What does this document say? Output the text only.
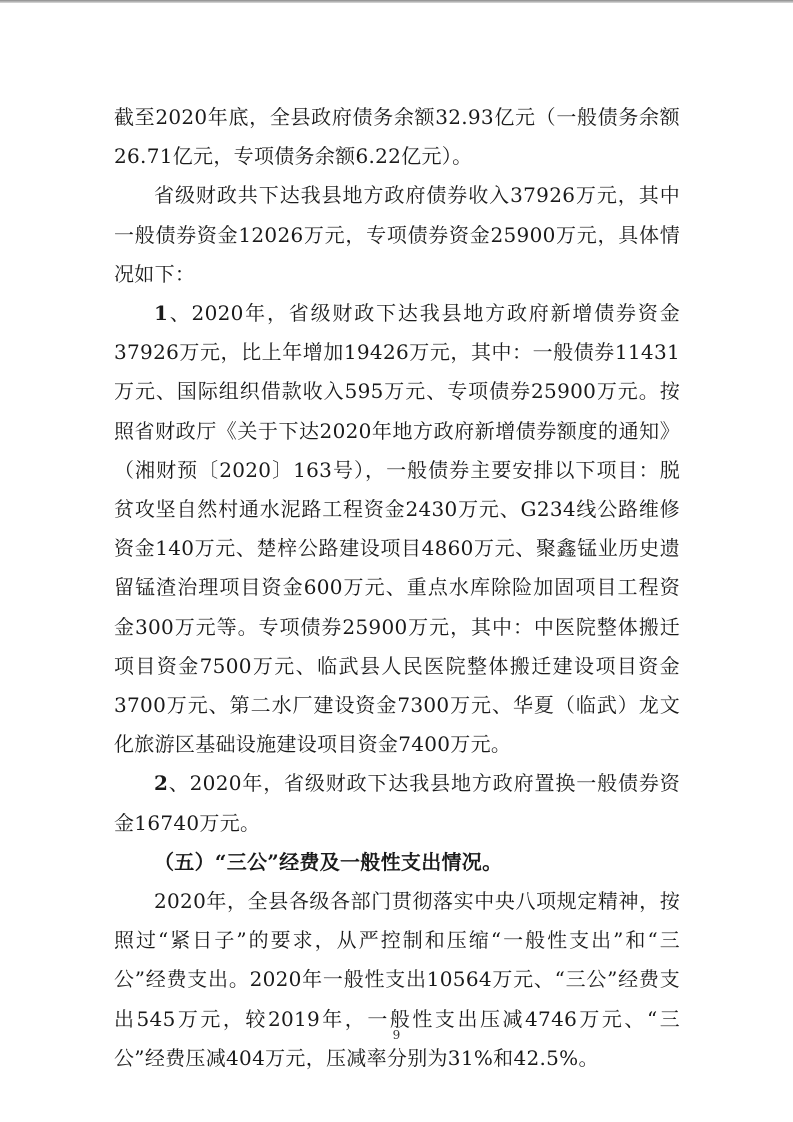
截至2020年底，全县政府债务余额32.93亿元（一般债务余额26.71亿元，专项债务余额6.22亿元）。

省级财政共下达我县地方政府债券收入37926万元，其中一般债券资金12026万元，专项债券资金25900万元，具体情况如下：

1、2020年，省级财政下达我县地方政府新增债券资金37926万元，比上年增加19426万元，其中：一般债券11431万元、国际组织借款收入595万元、专项债券25900万元。按照省财政厅《关于下达2020年地方政府新增债券额度的通知》（湘财预〔2020〕163号），一般债券主要安排以下项目：脱贫攻坚自然村通水泥路工程资金2430万元、G234线公路维修资金140万元、楚梓公路建设项目4860万元、聚鑫锰业历史遗留锰渣治理项目资金600万元、重点水库除险加固项目工程资金300万元等。专项债券25900万元，其中：中医院整体搬迁项目资金7500万元、临武县人民医院整体搬迁建设项目资金3700万元、第二水厂建设资金7300万元、华夏（临武）龙文化旅游区基础设施建设项目资金7400万元。

2、2020年，省级财政下达我县地方政府置换一般债券资金16740万元。

（五）“三公”经费及一般性支出情况。

2020年，全县各级各部门贯彻落实中央八项规定精神，按照过“紧日子”的要求，从严控制和压缩“一般性支出”和“三公”经费支出。2020年一般性支出10564万元、“三公”经费支出545万元，较2019年，一般性支出压减4746万元、“三公”经费压减404万元，压减率分别为31%和42.5%。

9
